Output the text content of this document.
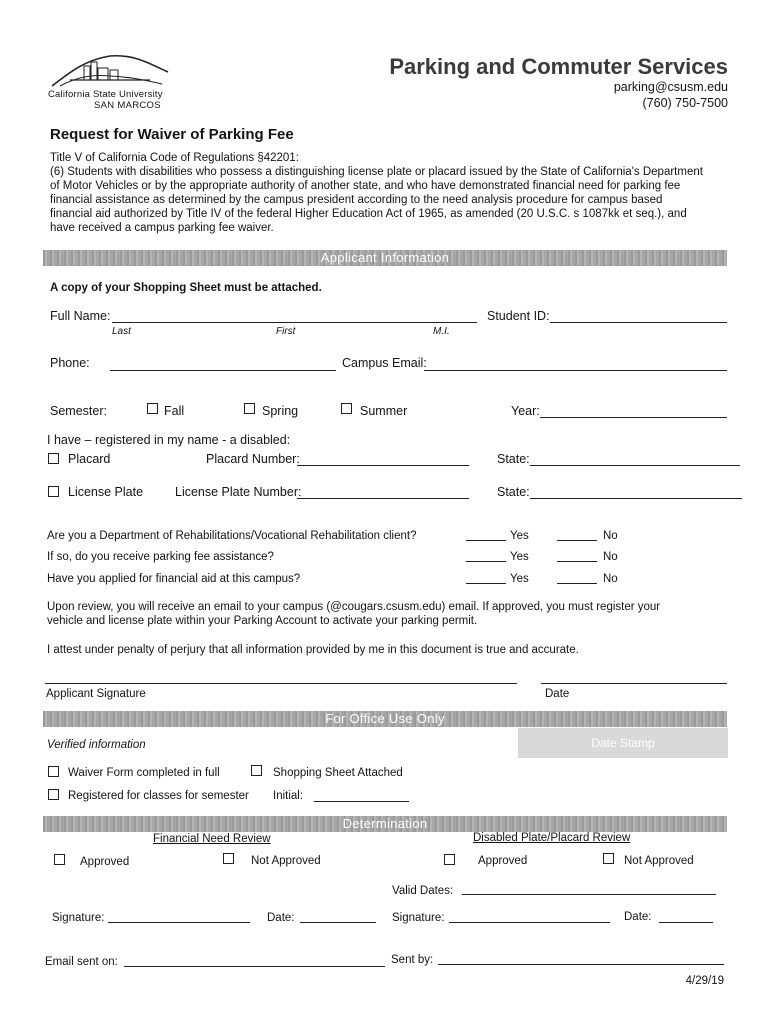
California State University
SAN MARCOS
Parking and Commuter Services
parking@csusm.edu
(760) 750-7500
Request for Waiver of Parking Fee
Title V of California Code of Regulations §42201:
(6) Students with disabilities who possess a distinguishing license plate or placard issued by the State of California's Department
of Motor Vehicles or by the appropriate authority of another state, and who have demonstrated financial need for parking fee
financial assistance as determined by the campus president according to the need analysis procedure for campus based
financial aid authorized by Title IV of the federal Higher Education Act of 1965, as amended (20 U.S.C. s 1087kk et seq.), and
have received a campus parking fee waiver.
Applicant Information
A copy of your Shopping Sheet must be attached.
Full Name:
Last	First	M.I.
Student ID:
Phone:	Campus Email:
Semester:	Fall	Spring	Summer	Year:
I have – registered in my name - a disabled:
Placard	Placard Number:	State:
License Plate	License Plate Number:	State:
Are you a Department of Rehabilitations/Vocational Rehabilitation client?	Yes	No
If so, do you receive parking fee assistance?	Yes	No
Have you applied for financial aid at this campus?	Yes	No
Upon review, you will receive an email to your campus (@cougars.csusm.edu) email. If approved, you must register your
vehicle and license plate within your Parking Account to activate your parking permit.
I attest under penalty of perjury that all information provided by me in this document is true and accurate.
Applicant Signature	Date
For Office Use Only
Verified information	Date Stamp
Waiver Form completed in full	Shopping Sheet Attached
Registered for classes for semester Initial:
Determination
Financial Need Review	Disabled Plate/Placard Review
Approved	Not Approved	Approved	Not Approved
Valid Dates:
Signature:	Date:	Signature:	Date:
Email sent on:	Sent by:
4/29/19
